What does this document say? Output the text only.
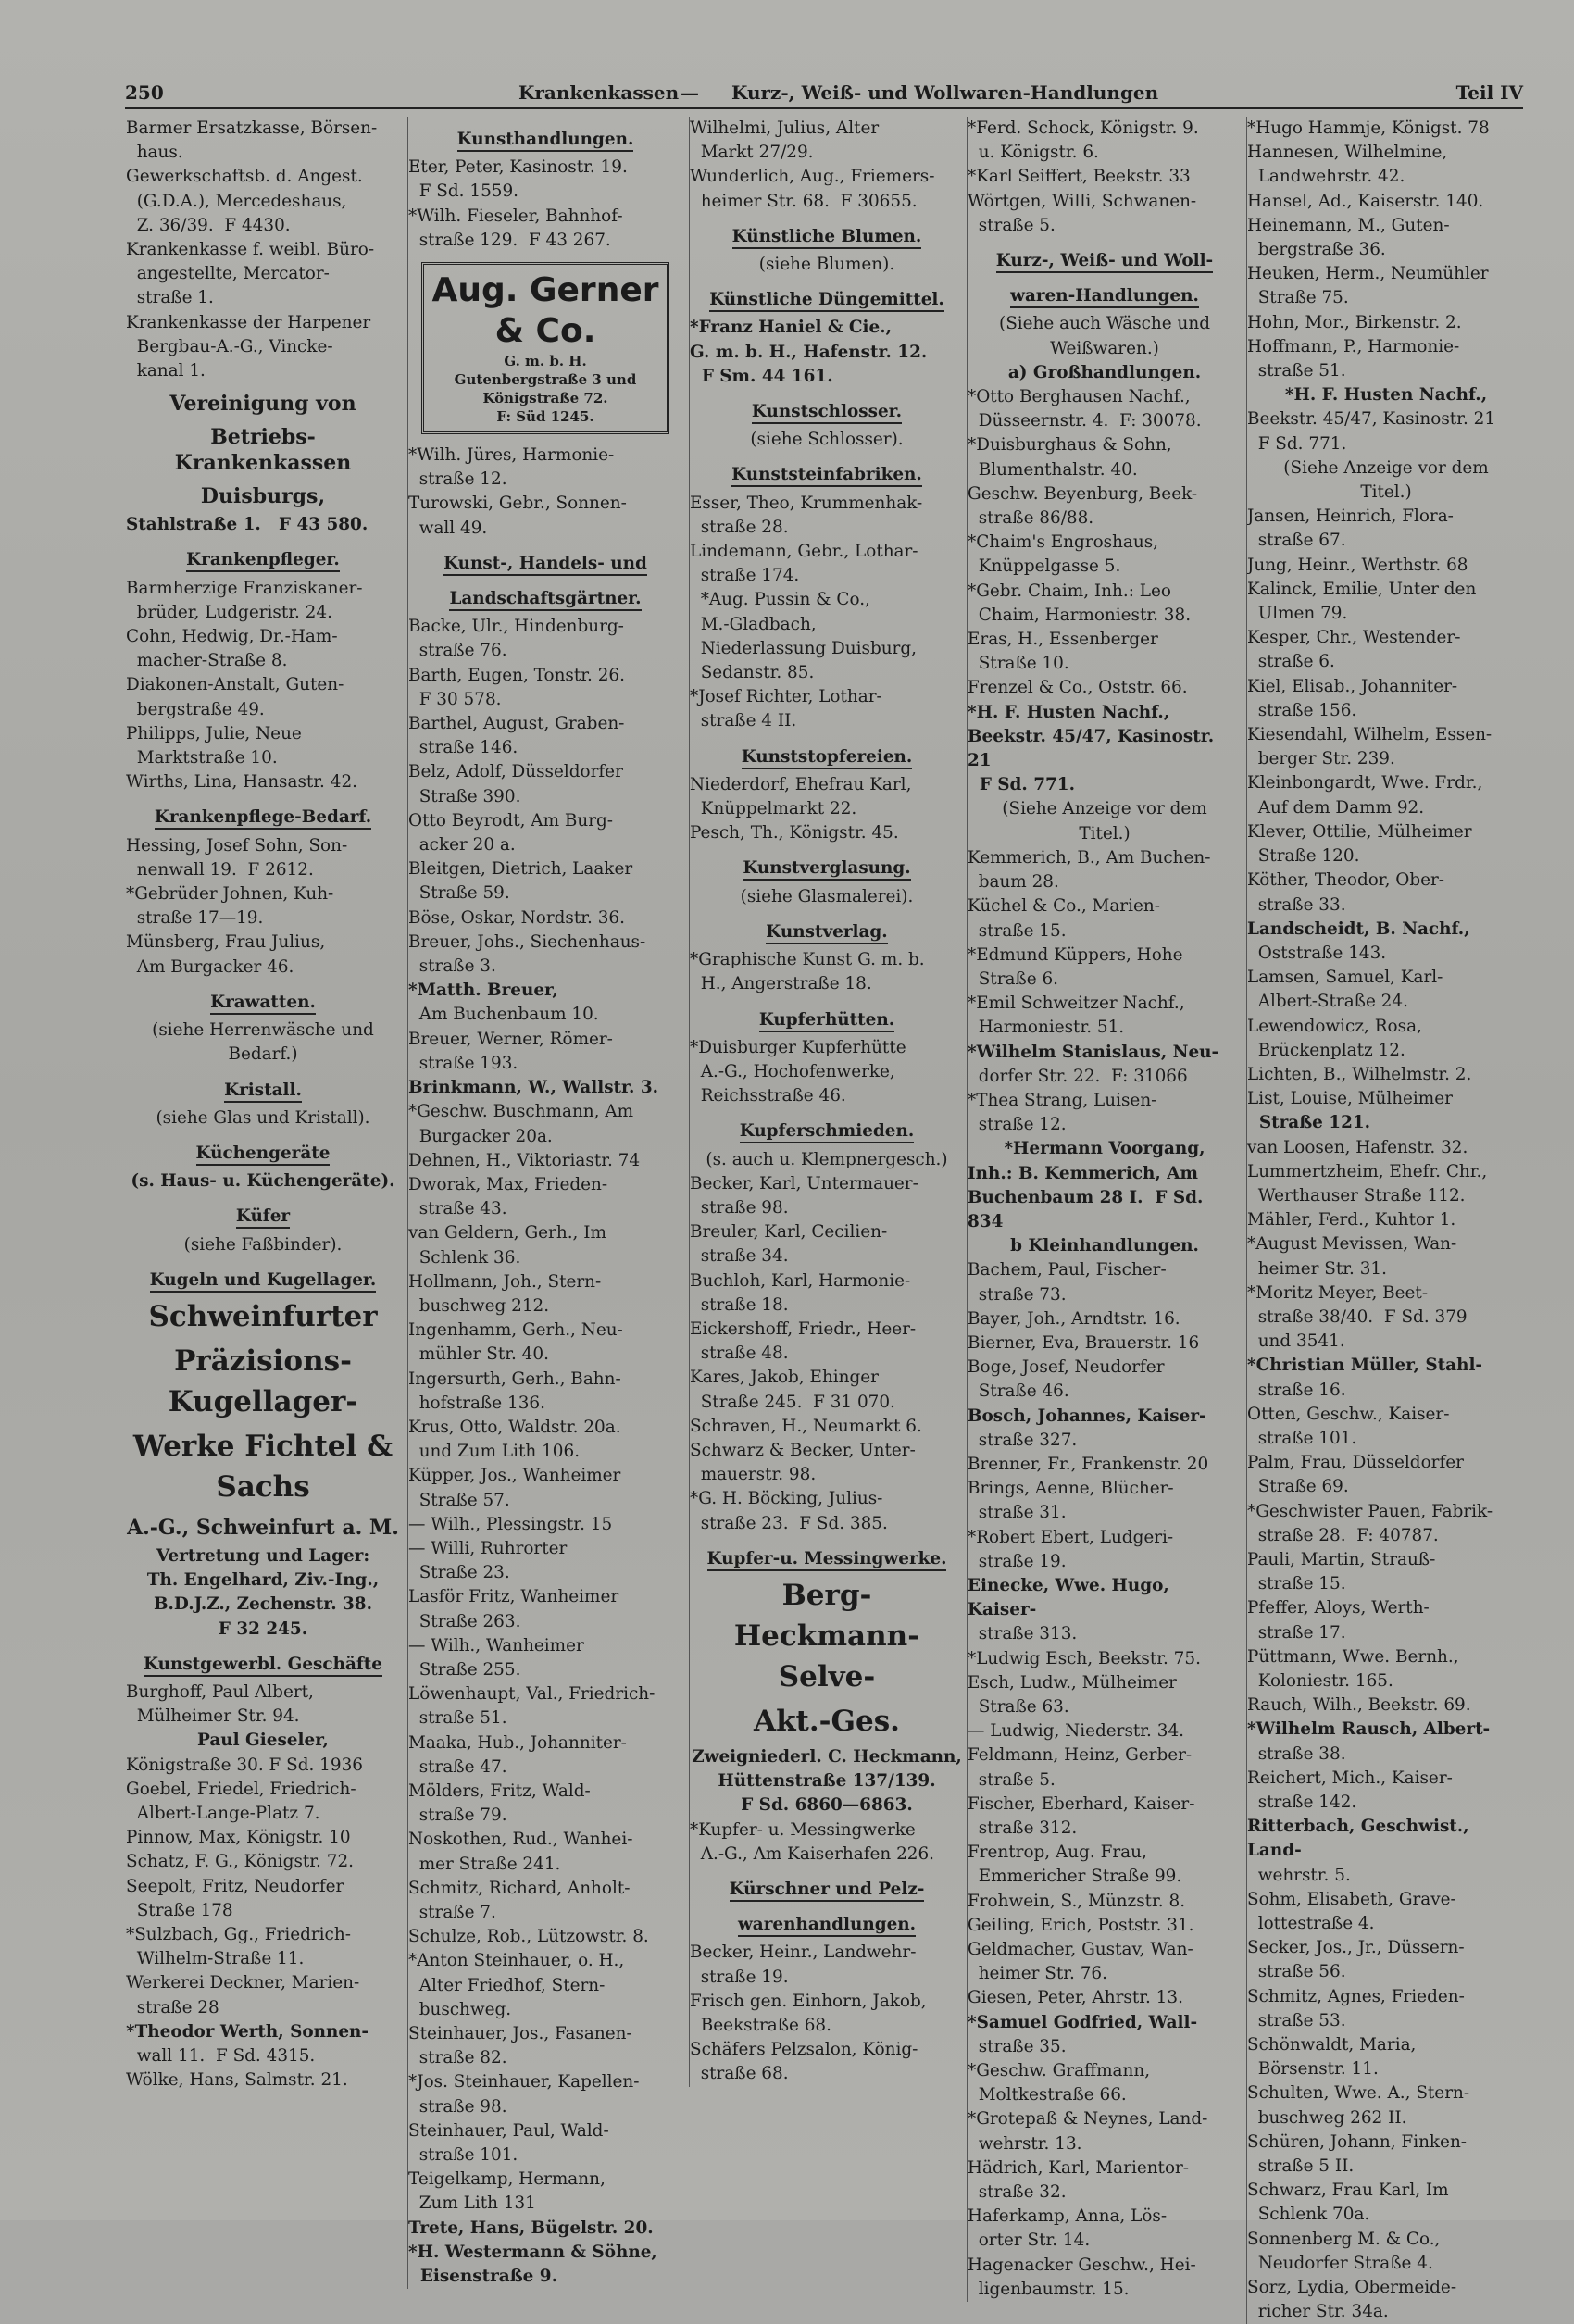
250	Krankenkassen — Kurz-, Weiß- und Wollwaren-Handlungen	Teil IV

Barmer Ersatzkasse, Börsen-

haus.

Gewerkschaftsb. d. Angest.

(G.D.A.), Mercedeshaus,

Z. 36/39.  F 4430.

Krankenkasse f. weibl. Büro-

angestellte, Mercator-

straße 1.

Krankenkasse der Harpener

Bergbau-A.-G., Vincke-

kanal 1.

Vereinigung von
Betriebs-Krankenkassen
Duisburgs,

Stahlstraße 1.   F 43 580.

Krankenpfleger.

Barmherzige Franziskaner-

brüder, Ludgeristr. 24.

Cohn, Hedwig, Dr.-Ham-

macher-Straße 8.

Diakonen-Anstalt, Guten-

bergstraße 49.

Philipps, Julie, Neue

Marktstraße 10.

Wirths, Lina, Hansastr. 42.

Krankenpflege-Bedarf.

Hessing, Josef Sohn, Son-

nenwall 19.  F 2612.

*Gebrüder Johnen, Kuh-

straße 17—19.

Münsberg, Frau Julius,

Am Burgacker 46.

Krawatten.

(siehe Herrenwäsche und

Bedarf.)

Kristall.

(siehe Glas und Kristall).

Küchengeräte

(s. Haus- u. Küchengeräte).

Küfer

(siehe Faßbinder).

Kugeln und Kugellager.
Schweinfurter
Präzisions-Kugellager-
Werke Fichtel & Sachs
A.-G., Schweinfurt a. M.

Vertretung und Lager:

Th. Engelhard, Ziv.-Ing.,

B.D.J.Z., Zechenstr. 38.

F 32 245.

Kunstgewerbl. Geschäfte

Burghoff, Paul Albert,

Mülheimer Str. 94.

Paul Gieseler,

Königstraße 30. F Sd. 1936

Goebel, Friedel, Friedrich-

Albert-Lange-Platz 7.

Pinnow, Max, Königstr. 10

Schatz, F. G., Königstr. 72.

Seepolt, Fritz, Neudorfer

Straße 178

*Sulzbach, Gg., Friedrich-

Wilhelm-Straße 11.

Werkerei Deckner, Marien-

straße 28

*Theodor Werth, Sonnen-

wall 11.  F Sd. 4315.

Wölke, Hans, Salmstr. 21.

Kunsthandlungen.

Eter, Peter, Kasinostr. 19.

F Sd. 1559.

*Wilh. Fieseler, Bahnhof-

straße 129.  F 43 267.

Aug. Gerner & Co.
G. m. b. H.
Gutenbergstraße 3 und
Königstraße 72.
F: Süd 1245.

*Wilh. Jüres, Harmonie-

straße 12.

Turowski, Gebr., Sonnen-

wall 49.

Kunst-, Handels- und
Landschaftsgärtner.

Backe, Ulr., Hindenburg-

straße 76.

Barth, Eugen, Tonstr. 26.

F 30 578.

Barthel, August, Graben-

straße 146.

Belz, Adolf, Düsseldorfer

Straße 390.

Otto Beyrodt, Am Burg-

acker 20 a.

Bleitgen, Dietrich, Laaker

Straße 59.

Böse, Oskar, Nordstr. 36.

Breuer, Johs., Siechenhaus-

straße 3.

*Matth. Breuer,

Am Buchenbaum 10.

Breuer, Werner, Römer-

straße 193.

Brinkmann, W., Wallstr. 3.

*Geschw. Buschmann, Am

Burgacker 20a.

Dehnen, H., Viktoriastr. 74

Dworak, Max, Frieden-

straße 43.

van Geldern, Gerh., Im

Schlenk 36.

Hollmann, Joh., Stern-

buschweg 212.

Ingenhamm, Gerh., Neu-

mühler Str. 40.

Ingersurth, Gerh., Bahn-

hofstraße 136.

Krus, Otto, Waldstr. 20a.

und Zum Lith 106.

Küpper, Jos., Wanheimer

Straße 57.

— Wilh., Plessingstr. 15

— Willi, Ruhrorter

Straße 23.

Lasför Fritz, Wanheimer

Straße 263.

— Wilh., Wanheimer

Straße 255.

Löwenhaupt, Val., Friedrich-

straße 51.

Maaka, Hub., Johanniter-

straße 47.

Mölders, Fritz, Wald-

straße 79.

Noskothen, Rud., Wanhei-

mer Straße 241.

Schmitz, Richard, Anholt-

straße 7.

Schulze, Rob., Lützowstr. 8.

*Anton Steinhauer, o. H.,

Alter Friedhof, Stern-

buschweg.

Steinhauer, Jos., Fasanen-

straße 82.

*Jos. Steinhauer, Kapellen-

straße 98.

Steinhauer, Paul, Wald-

straße 101.

Teigelkamp, Hermann,

Zum Lith 131

Trete, Hans, Bügelstr. 20.

*H. Westermann & Söhne,

Eisenstraße 9.

Wilhelmi, Julius, Alter

Markt 27/29.

Wunderlich, Aug., Friemers-

heimer Str. 68.  F 30655.

Künstliche Blumen.

(siehe Blumen).

Künstliche Düngemittel.

*Franz Haniel & Cie.,

G. m. b. H., Hafenstr. 12.

F Sm. 44 161.

Kunstschlosser.

(siehe Schlosser).

Kunststeinfabriken.

Esser, Theo, Krummenhak-

straße 28.

Lindemann, Gebr., Lothar-

straße 174.

*Aug. Pussin & Co.,

M.-Gladbach,

Niederlassung Duisburg,

Sedanstr. 85.

*Josef Richter, Lothar-

straße 4 II.

Kunststopfereien.

Niederdorf, Ehefrau Karl,

Knüppelmarkt 22.

Pesch, Th., Königstr. 45.

Kunstverglasung.

(siehe Glasmalerei).

Kunstverlag.

*Graphische Kunst G. m. b.

H., Angerstraße 18.

Kupferhütten.

*Duisburger Kupferhütte

A.-G., Hochofenwerke,

Reichsstraße 46.

Kupferschmieden.

(s. auch u. Klempnergesch.)

Becker, Karl, Untermauer-

straße 98.

Breuler, Karl, Cecilien-

straße 34.

Buchloh, Karl, Harmonie-

straße 18.

Eickershoff, Friedr., Heer-

straße 48.

Kares, Jakob, Ehinger

Straße 245.  F 31 070.

Schraven, H., Neumarkt 6.

Schwarz & Becker, Unter-

mauerstr. 98.

*G. H. Böcking, Julius-

straße 23.  F Sd. 385.

Kupfer-u. Messingwerke.
Berg-Heckmann-Selve-
Akt.-Ges.

Zweigniederl. C. Heckmann,

Hüttenstraße 137/139.

F Sd. 6860—6863.

*Kupfer- u. Messingwerke

A.-G., Am Kaiserhafen 226.

Kürschner und Pelz-
warenhandlungen.

Becker, Heinr., Landwehr-

straße 19.

Frisch gen. Einhorn, Jakob,

Beekstraße 68.

Schäfers Pelzsalon, König-

straße 68.

*Ferd. Schock, Königstr. 9.

u. Königstr. 6.

*Karl Seiffert, Beekstr. 33

Wörtgen, Willi, Schwanen-

straße 5.

Kurz-, Weiß- und Woll-
waren-Handlungen.

(Siehe auch Wäsche und

Weißwaren.)

a) Großhandlungen.

*Otto Berghausen Nachf.,

Düsseernstr. 4.  F: 30078.

*Duisburghaus & Sohn,

Blumenthalstr. 40.

Geschw. Beyenburg, Beek-

straße 86/88.

*Chaim's Engroshaus,

Knüppelgasse 5.

*Gebr. Chaim, Inh.: Leo

Chaim, Harmoniestr. 38.

Eras, H., Essenberger

Straße 10.

Frenzel & Co., Oststr. 66.

*H. F. Husten Nachf.,

Beekstr. 45/47, Kasinostr. 21

F Sd. 771.

(Siehe Anzeige vor dem

Titel.)

Kemmerich, B., Am Buchen-

baum 28.

Küchel & Co., Marien-

straße 15.

*Edmund Küppers, Hohe

Straße 6.

*Emil Schweitzer Nachf.,

Harmoniestr. 51.

*Wilhelm Stanislaus, Neu-

dorfer Str. 22.  F: 31066

*Thea Strang, Luisen-

straße 12.

*Hermann Voorgang,

Inh.: B. Kemmerich, Am

Buchenbaum 28 I.  F Sd. 834

b Kleinhandlungen.

Bachem, Paul, Fischer-

straße 73.

Bayer, Joh., Arndtstr. 16.

Bierner, Eva, Brauerstr. 16

Boge, Josef, Neudorfer

Straße 46.

Bosch, Johannes, Kaiser-

straße 327.

Brenner, Fr., Frankenstr. 20

Brings, Aenne, Blücher-

straße 31.

*Robert Ebert, Ludgeri-

straße 19.

Einecke, Wwe. Hugo, Kaiser-

straße 313.

*Ludwig Esch, Beekstr. 75.

Esch, Ludw., Mülheimer

Straße 63.

— Ludwig, Niederstr. 34.

Feldmann, Heinz, Gerber-

straße 5.

Fischer, Eberhard, Kaiser-

straße 312.

Frentrop, Aug. Frau,

Emmericher Straße 99.

Frohwein, S., Münzstr. 8.

Geiling, Erich, Poststr. 31.

Geldmacher, Gustav, Wan-

heimer Str. 76.

Giesen, Peter, Ahrstr. 13.

*Samuel Godfried, Wall-

straße 35.

*Geschw. Graffmann,

Moltkestraße 66.

*Grotepaß & Neynes, Land-

wehrstr. 13.

Hädrich, Karl, Marientor-

straße 32.

Haferkamp, Anna, Lös-

orter Str. 14.

Hagenacker Geschw., Hei-

ligenbaumstr. 15.

*Hugo Hammje, Königst. 78

Hannesen, Wilhelmine,

Landwehrstr. 42.

Hansel, Ad., Kaiserstr. 140.

Heinemann, M., Guten-

bergstraße 36.

Heuken, Herm., Neumühler

Straße 75.

Hohn, Mor., Birkenstr. 2.

Hoffmann, P., Harmonie-

straße 51.

*H. F. Husten Nachf.,

Beekstr. 45/47, Kasinostr. 21

F Sd. 771.

(Siehe Anzeige vor dem

Titel.)

Jansen, Heinrich, Flora-

straße 67.

Jung, Heinr., Werthstr. 68

Kalinck, Emilie, Unter den

Ulmen 79.

Kesper, Chr., Westender-

straße 6.

Kiel, Elisab., Johanniter-

straße 156.

Kiesendahl, Wilhelm, Essen-

berger Str. 239.

Kleinbongardt, Wwe. Frdr.,

Auf dem Damm 92.

Klever, Ottilie, Mülheimer

Straße 120.

Köther, Theodor, Ober-

straße 33.

Landscheidt, B. Nachf.,

Oststraße 143.

Lamsen, Samuel, Karl-

Albert-Straße 24.

Lewendowicz, Rosa,

Brückenplatz 12.

Lichten, B., Wilhelmstr. 2.

List, Louise, Mülheimer

Straße 121.

van Loosen, Hafenstr. 32.

Lummertzheim, Ehefr. Chr.,

Werthauser Straße 112.

Mähler, Ferd., Kuhtor 1.

*August Mevissen, Wan-

heimer Str. 31.

*Moritz Meyer, Beet-

straße 38/40.  F Sd. 379

und 3541.

*Christian Müller, Stahl-

straße 16.

Otten, Geschw., Kaiser-

straße 101.

Palm, Frau, Düsseldorfer

Straße 69.

*Geschwister Pauen, Fabrik-

straße 28.  F: 40787.

Pauli, Martin, Strauß-

straße 15.

Pfeffer, Aloys, Werth-

straße 17.

Püttmann, Wwe. Bernh.,

Koloniestr. 165.

Rauch, Wilh., Beekstr. 69.

*Wilhelm Rausch, Albert-

straße 38.

Reichert, Mich., Kaiser-

straße 142.

Ritterbach, Geschwist., Land-

wehrstr. 5.

Sohm, Elisabeth, Grave-

lottestraße 4.

Secker, Jos., Jr., Düssern-

straße 56.

Schmitz, Agnes, Frieden-

straße 53.

Schönwaldt, Maria,

Börsenstr. 11.

Schulten, Wwe. A., Stern-

buschweg 262 II.

Schüren, Johann, Finken-

straße 5 II.

Schwarz, Frau Karl, Im

Schlenk 70a.

Sonnenberg M. & Co.,

Neudorfer Straße 4.

Sorz, Lydia, Obermeide-

richer Str. 34a.
